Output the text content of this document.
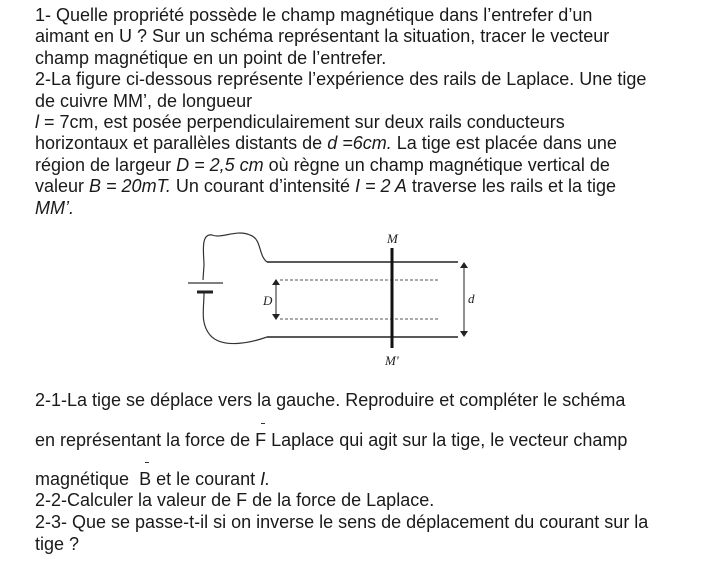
1- Quelle propriété possède le champ magnétique dans l’entrefer d’un
aimant en U ? Sur un schéma représentant la situation, tracer le vecteur
champ magnétique en un point de l’entrefer.
2-La figure ci-dessous représente l’expérience des rails de Laplace. Une tige
de cuivre MM’, de longueur
l = 7cm, est posée perpendiculairement sur deux rails conducteurs
horizontaux et parallèles distants de d =6cm. La tige est placée dans une
région de largeur D = 2,5 cm où règne un champ magnétique vertical de
valeur B = 20mT. Un courant d’intensité I = 2 A traverse les rails et la tige
MM’.
M
M'
D	d
2-1-La tige se déplace vers la gauche. Reproduire et compléter le schéma
en représentant la force de F Laplace qui agit sur la tige, le vecteur champ
magnétique  B et le courant I.
2-2-Calculer la valeur de F de la force de Laplace.
2-3- Que se passe-t-il si on inverse le sens de déplacement du courant sur la
tige ?
